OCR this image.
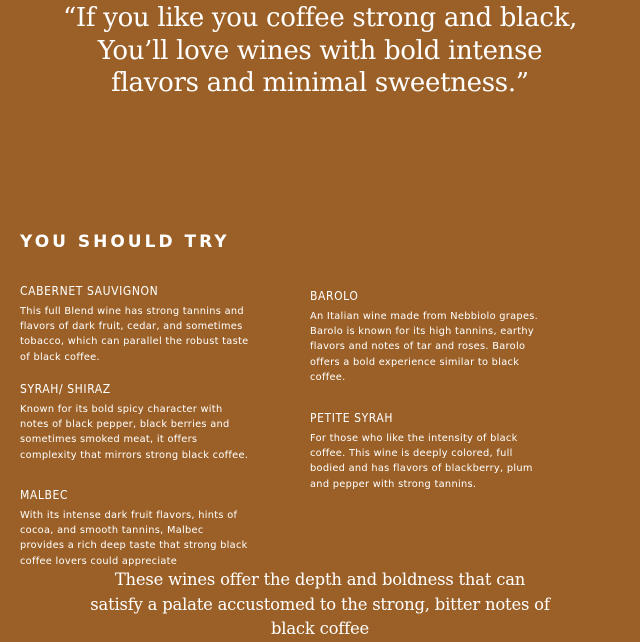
“If you like you coffee strong and black, You’ll love wines with bold intense flavors and minimal sweetness.”

YOU SHOULD TRY
CABERNET SAUVIGNON

This full Blend wine has strong tannins and flavors of dark fruit, cedar, and sometimes tobacco, which can parallel the robust taste of black coffee.

SYRAH/ SHIRAZ

Known for its bold spicy character with notes of black pepper, black berries and sometimes smoked meat, it offers complexity that mirrors strong black coffee.

MALBEC

With its intense dark fruit flavors, hints of cocoa, and smooth tannins, Malbec provides a rich deep taste that strong black coffee lovers could appreciate

BAROLO

An Italian wine made from Nebbiolo grapes. Barolo is known for its high tannins, earthy flavors and notes of tar and roses. Barolo offers a bold experience similar to black coffee.

PETITE SYRAH

For those who like the intensity of black coffee. This wine is deeply colored, full bodied and has flavors of blackberry, plum and pepper with strong tannins.

These wines offer the depth and boldness that can satisfy a palate accustomed to the strong, bitter notes of black coffee
